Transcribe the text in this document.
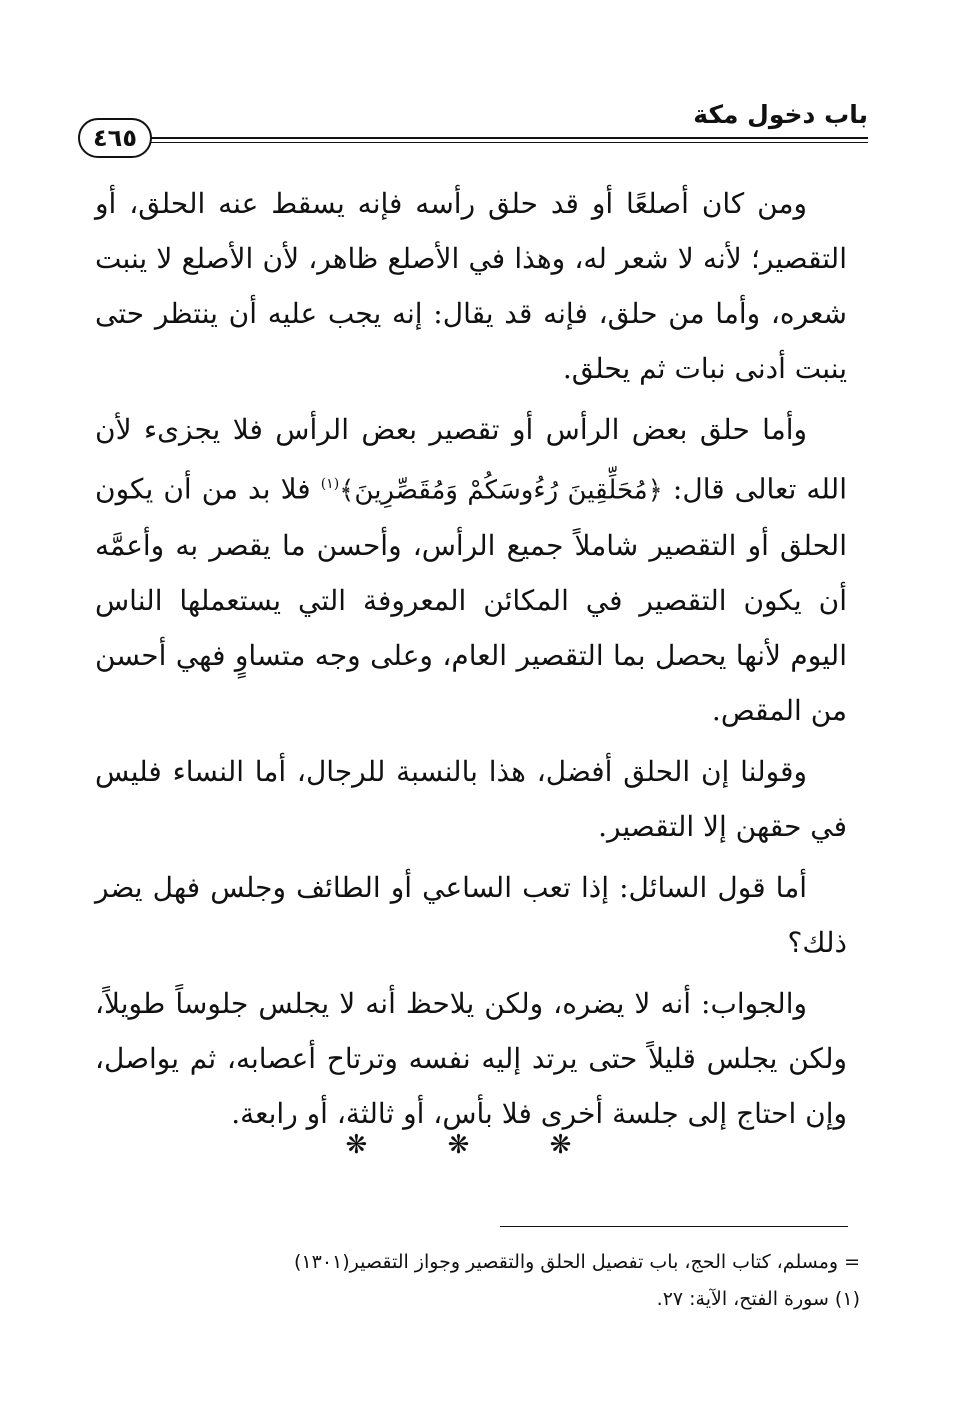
باب دخول مكة
٤٦٥

ومن كان أصلعًا أو قد حلق رأسه فإنه يسقط عنه الحلق، أو التقصير؛ لأنه لا شعر له، وهذا في الأصلع ظاهر، لأن الأصلع لا ينبت شعره، وأما من حلق، فإنه قد يقال: إنه يجب عليه أن ينتظر حتى ينبت أدنى نبات ثم يحلق.

وأما حلق بعض الرأس أو تقصير بعض الرأس فلا يجزىء لأن الله تعالى قال: ﴿مُحَلِّقِينَ رُءُوسَكُمْ وَمُقَصِّرِينَ﴾$^{(١)}$ فلا بد من أن يكون الحلق أو التقصير شاملاً جميع الرأس، وأحسن ما يقصر به وأعمَّه أن يكون التقصير في المكائن المعروفة التي يستعملها الناس اليوم لأنها يحصل بما التقصير العام، وعلى وجه متساوٍ فهي أحسن من المقص.

وقولنا إن الحلق أفضل، هذا بالنسبة للرجال، أما النساء فليس في حقهن إلا التقصير.

أما قول السائل: إذا تعب الساعي أو الطائف وجلس فهل يضر ذلك؟

والجواب: أنه لا يضره، ولكن يلاحظ أنه لا يجلس جلوساً طويلاً، ولكن يجلس قليلاً حتى يرتد إليه نفسه وترتاح أعصابه، ثم يواصل، وإن احتاج إلى جلسة أخرى فلا بأس، أو ثالثة، أو رابعة.

❋ ❋ ❋
= ومسلم، كتاب الحج، باب تفصيل الحلق والتقصير وجواز التقصير(١٣٠١)
(١) سورة الفتح، الآية: ٢٧.
